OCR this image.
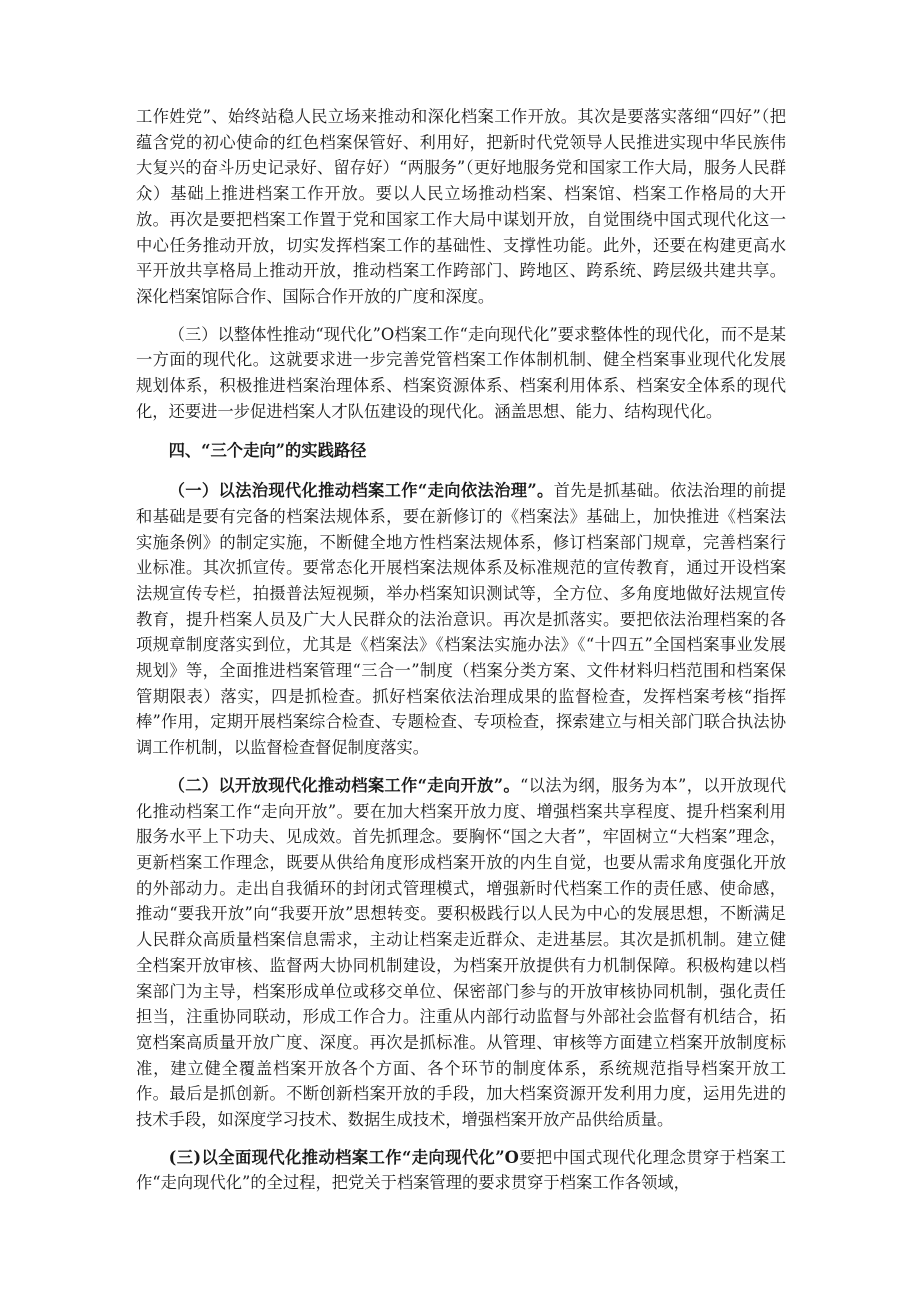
工作姓党”、始终站稳人民立场来推动和深化档案工作开放。其次是要落实落细“四好”（把蕴含党的初心使命的红色档案保管好、利用好，把新时代党领导人民推进实现中华民族伟大复兴的奋斗历史记录好、留存好）“两服务”（更好地服务党和国家工作大局，服务人民群众）基础上推进档案工作开放。要以人民立场推动档案、档案馆、档案工作格局的大开放。再次是要把档案工作置于党和国家工作大局中谋划开放，自觉围绕中国式现代化这一中心任务推动开放，切实发挥档案工作的基础性、支撑性功能。此外，还要在构建更高水平开放共享格局上推动开放，推动档案工作跨部门、跨地区、跨系统、跨层级共建共享。深化档案馆际合作、国际合作开放的广度和深度。

（三）以整体性推动“现代化”O档案工作“走向现代化”要求整体性的现代化，而不是某一方面的现代化。这就要求进一步完善党管档案工作体制机制、健全档案事业现代化发展规划体系，积极推进档案治理体系、档案资源体系、档案利用体系、档案安全体系的现代化，还要进一步促进档案人才队伍建设的现代化。涵盖思想、能力、结构现代化。

四、“三个走向”的实践路径

（一）以法治现代化推动档案工作“走向依法治理”。首先是抓基础。依法治理的前提和基础是要有完备的档案法规体系，要在新修订的《档案法》基础上，加快推进《档案法实施条例》的制定实施，不断健全地方性档案法规体系，修订档案部门规章，完善档案行业标准。其次抓宣传。要常态化开展档案法规体系及标准规范的宣传教育，通过开设档案法规宣传专栏，拍摄普法短视频，举办档案知识测试等，全方位、多角度地做好法规宣传教育，提升档案人员及广大人民群众的法治意识。再次是抓落实。要把依法治理档案的各项规章制度落实到位，尤其是《档案法》《档案法实施办法》《“十四五”全国档案事业发展规划》等，全面推进档案管理“三合一”制度（档案分类方案、文件材料归档范围和档案保管期限表）落实，四是抓检查。抓好档案依法治理成果的监督检查，发挥档案考核“指挥棒”作用，定期开展档案综合检查、专题检查、专项检查，探索建立与相关部门联合执法协调工作机制，以监督检查督促制度落实。

（二）以开放现代化推动档案工作“走向开放”。“以法为纲，服务为本”，以开放现代化推动档案工作“走向开放”。要在加大档案开放力度、增强档案共享程度、提升档案利用服务水平上下功夫、见成效。首先抓理念。要胸怀“国之大者”，牢固树立“大档案”理念，更新档案工作理念，既要从供给角度形成档案开放的内生自觉，也要从需求角度强化开放的外部动力。走出自我循环的封闭式管理模式，增强新时代档案工作的责任感、使命感，推动“要我开放”向“我要开放”思想转变。要积极践行以人民为中心的发展思想，不断满足人民群众高质量档案信息需求，主动让档案走近群众、走进基层。其次是抓机制。建立健全档案开放审核、监督两大协同机制建设，为档案开放提供有力机制保障。积极构建以档案部门为主导，档案形成单位或移交单位、保密部门参与的开放审核协同机制，强化责任担当，注重协同联动，形成工作合力。注重从内部行动监督与外部社会监督有机结合，拓宽档案高质量开放广度、深度。再次是抓标准。从管理、审核等方面建立档案开放制度标准，建立健全覆盖档案开放各个方面、各个环节的制度体系，系统规范指导档案开放工作。最后是抓创新。不断创新档案开放的手段，加大档案资源开发利用力度，运用先进的技术手段，如深度学习技术、数据生成技术，增强档案开放产品供给质量。

(三)以全面现代化推动档案工作“走向现代化”O要把中国式现代化理念贯穿于档案工作“走向现代化”的全过程，把党关于档案管理的要求贯穿于档案工作各领域，
